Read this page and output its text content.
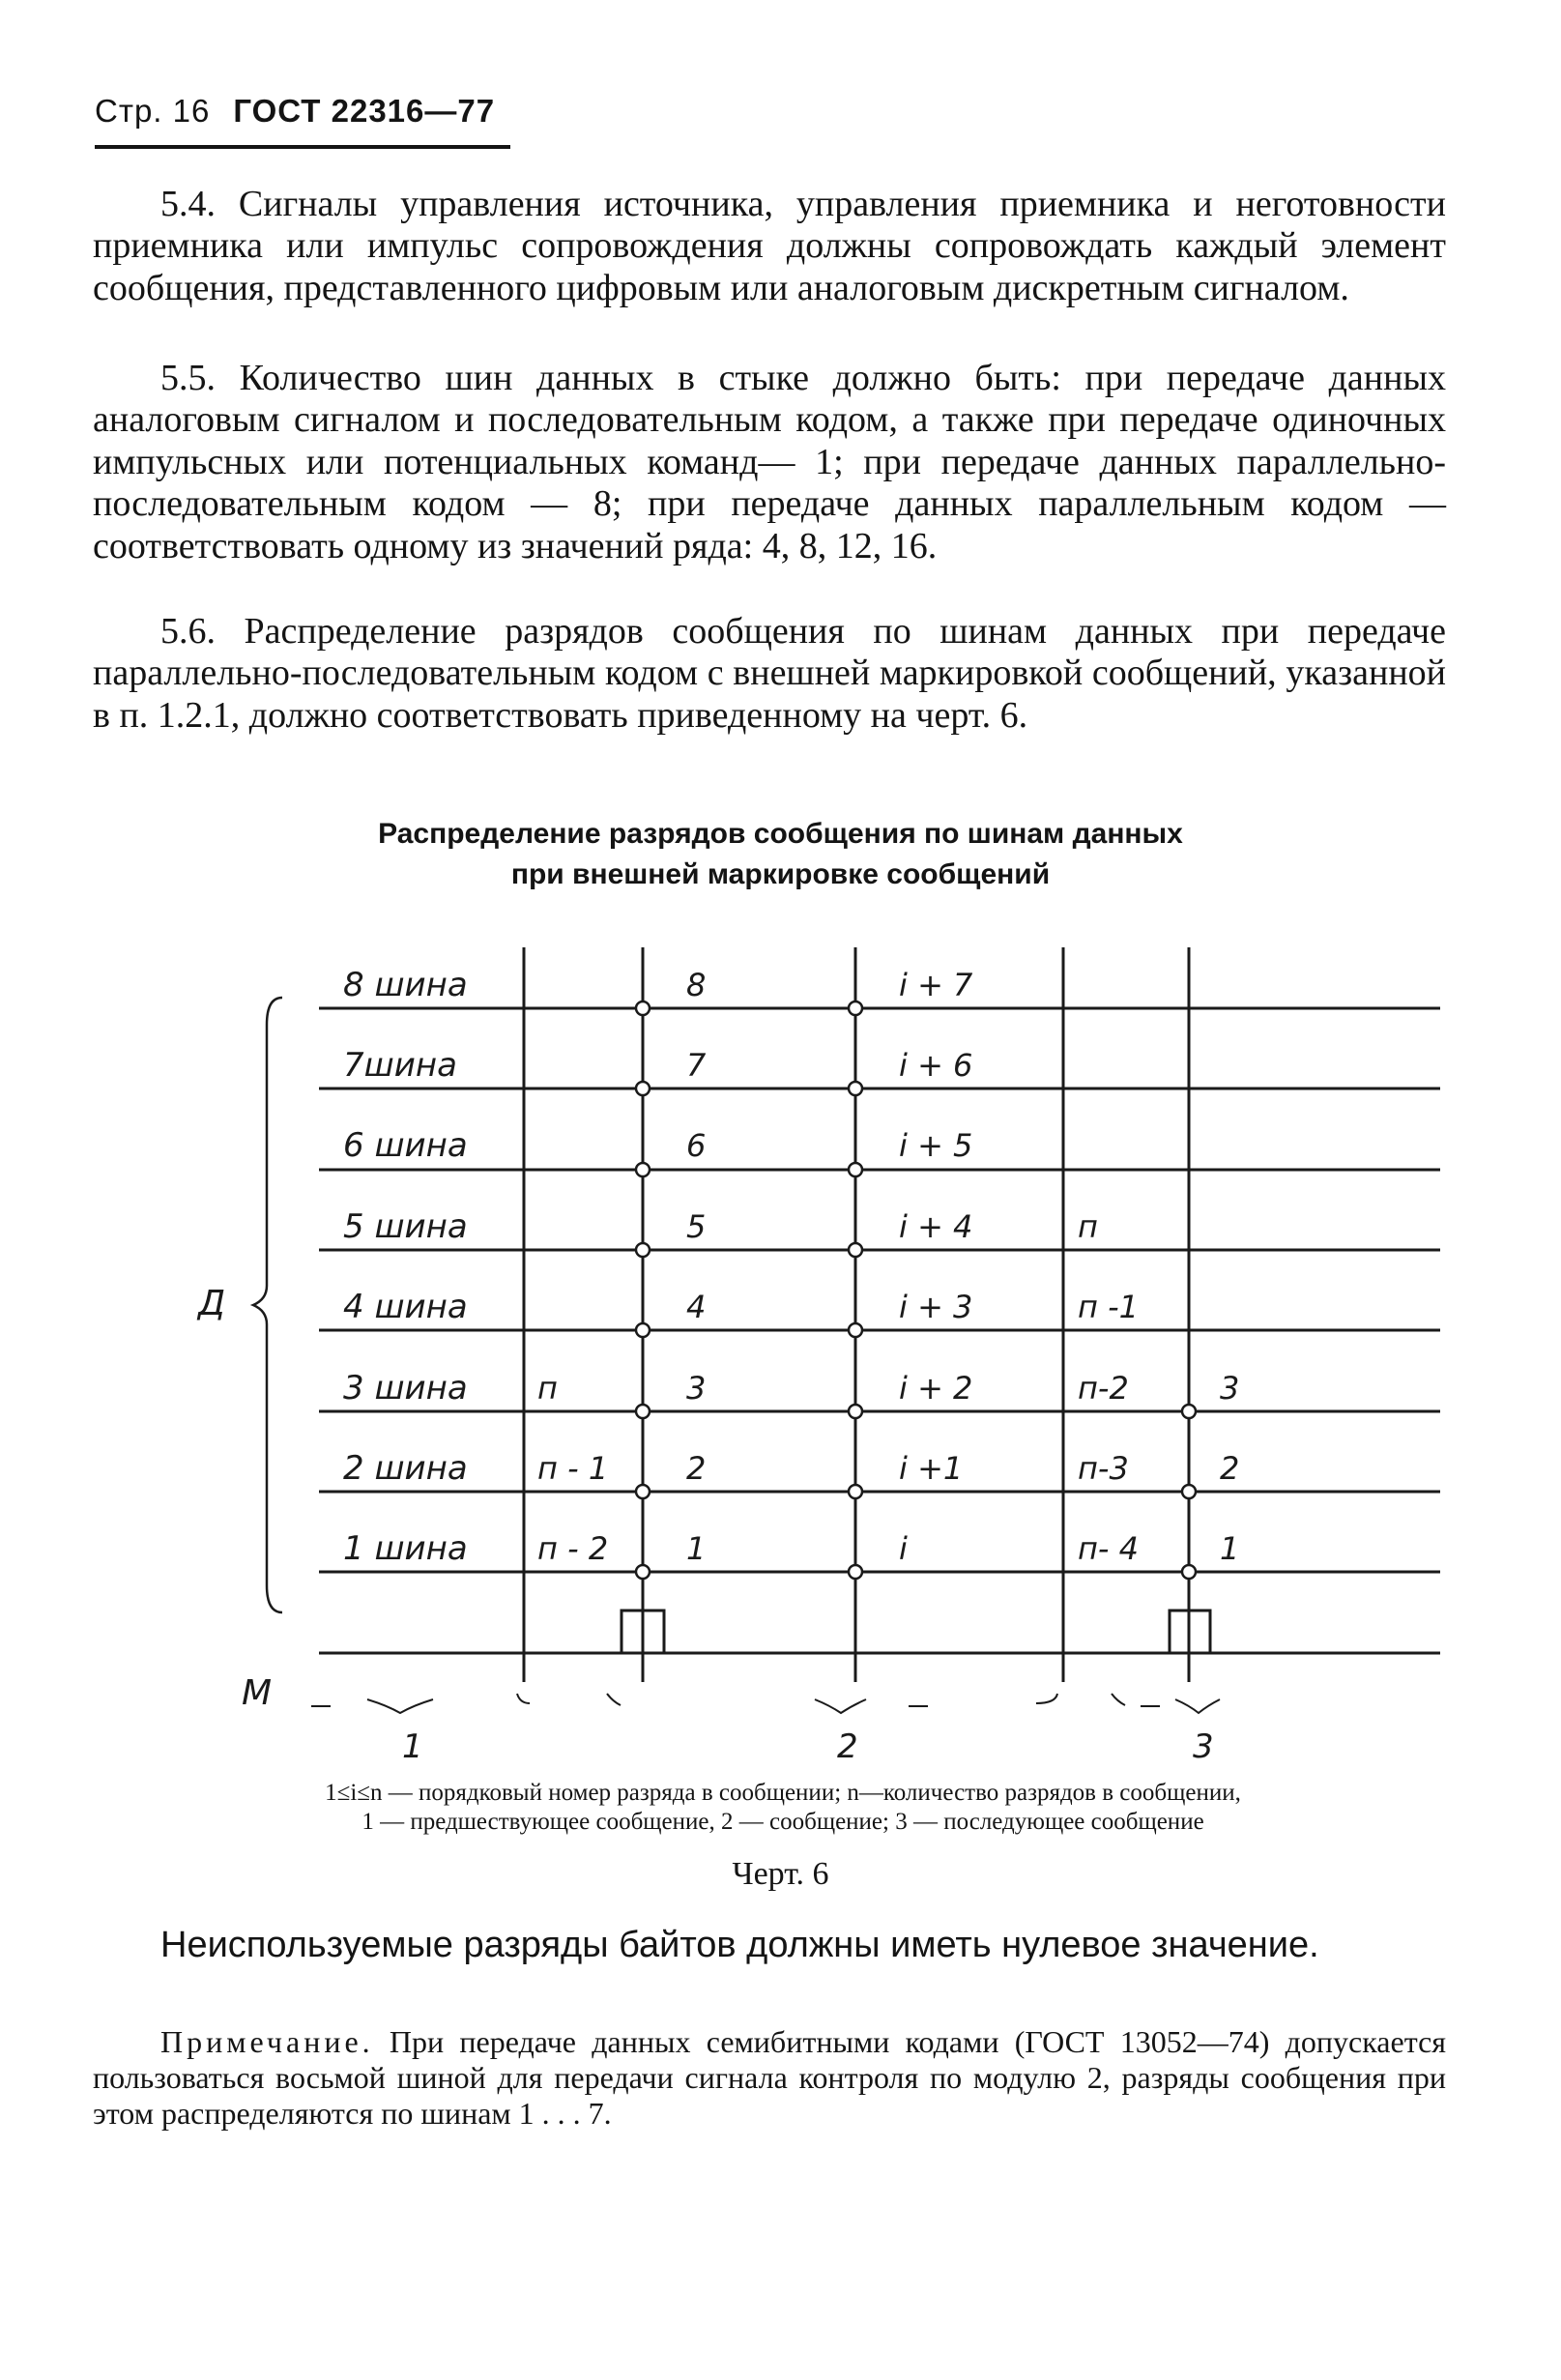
Стр. 16 ГОСТ 22316—77

5.4. Сигналы управления источника, управления приемника и неготовности приемника или импульс сопровождения должны сопровождать каждый элемент сообщения, представленного цифровым или аналоговым дискретным сигналом.

5.5. Количество шин данных в стыке должно быть: при передаче данных аналоговым сигналом и последовательным кодом, а также при передаче одиночных импульсных или потенциальных команд— 1; при передаче данных параллельно-последовательным кодом — 8; при передаче данных параллельным кодом — соответствовать одному из значений ряда: 4, 8, 12, 16.

5.6. Распределение разрядов сообщения по шинам данных при передаче параллельно-последовательным кодом с внешней маркировкой сообщений, указанной в п. 1.2.1, должно соответствовать приведенному на черт. 6.

Распределение разрядов сообщения по шинам данных
при внешней маркировке сообщений

Д
М
8 шина
7шина
6 шина
5 шина
4 шина
3 шина
2 шина
1 шина
п
п - 1
п - 2
8
7
6
5
4
3
2
1
i + 7
i + 6
i + 5
i + 4
i + 3
i + 2
i +1
i
п
п -1
п-2
п-3
п- 4
3
2
1
1	2	3

1≤i≤n — порядковый номер разряда в сообщении; n—количество разрядов в сообщении,
1 — предшествующее сообщение, 2 — сообщение; 3 — последующее сообщение

Черт. 6

Неиспользуемые разряды байтов должны иметь нулевое значение.

Примечание. При передаче данных семибитными кодами (ГОСТ 13052—74) допускается пользоваться восьмой шиной для передачи сигнала контроля по модулю 2, разряды сообщения при этом распределяются по шинам 1 . . . 7.
